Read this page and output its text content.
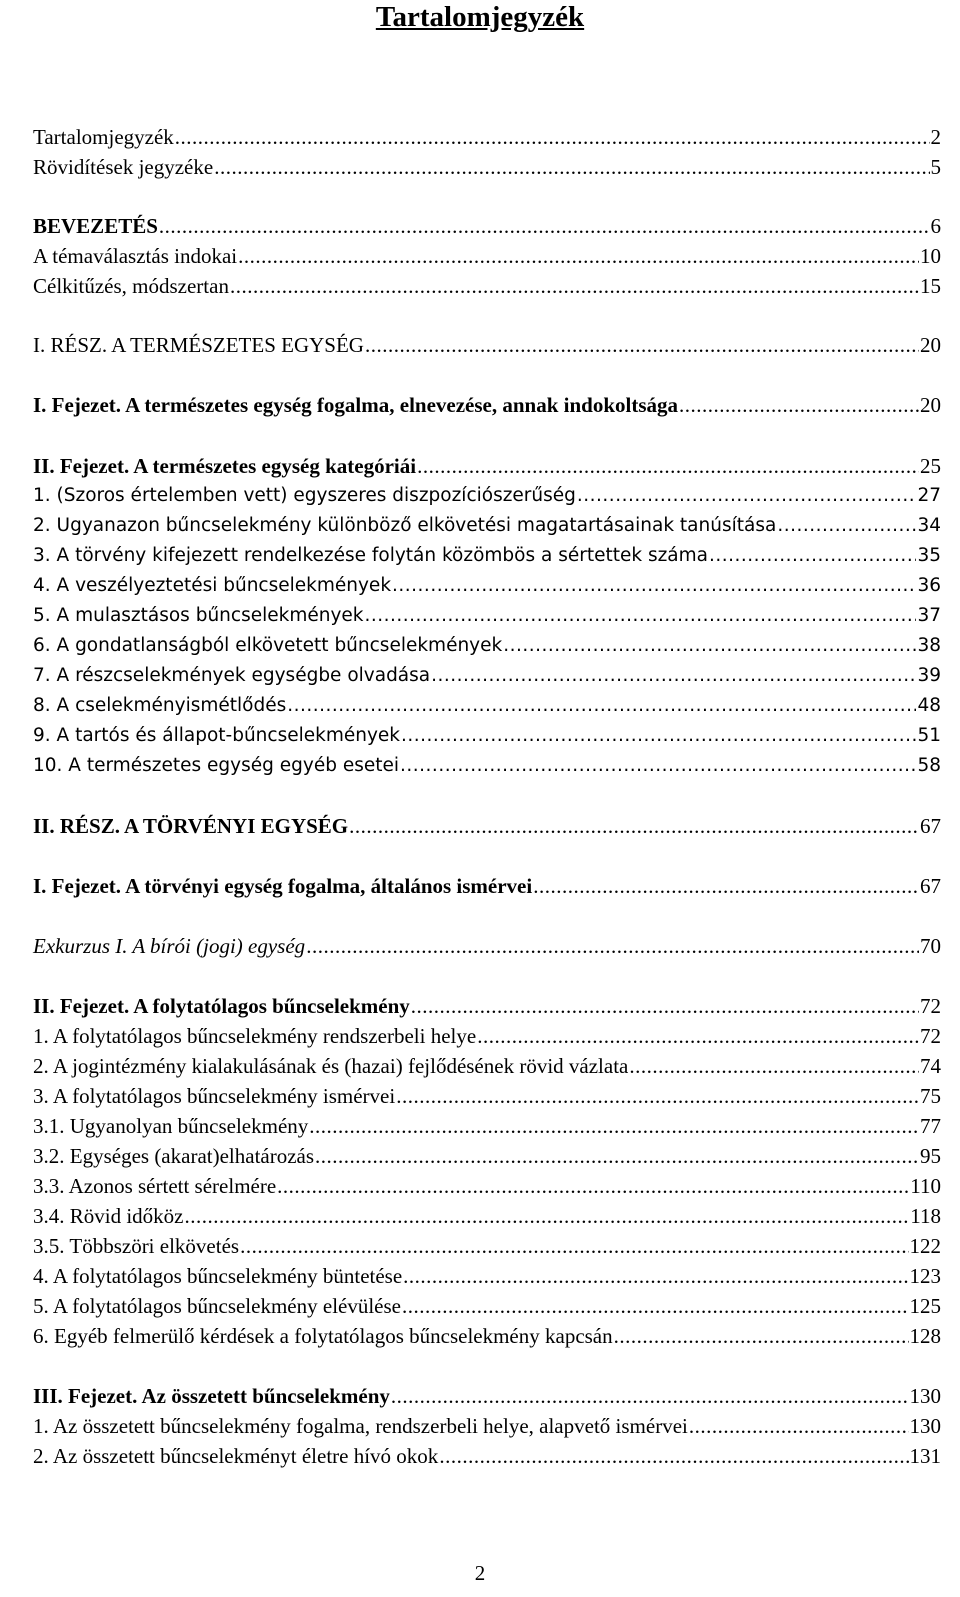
Tartalomjegyzék
Tartalomjegyzék .....	2
Rövidítések jegyzéke .....	5
BEVEZETÉS .....	6
A témaválasztás indokai .....	10
Célkitűzés, módszertan .....	15
I. RÉSZ. A TERMÉSZETES EGYSÉG .....	20
I. Fejezet. A természetes egység fogalma, elnevezése, annak indokoltsága .....	20
II. Fejezet. A természetes egység kategóriái .....	25
1. (Szoros értelemben vett) egyszeres diszpozíciószerűség .....	27
2. Ugyanazon bűncselekmény különböző elkövetési magatartásainak tanúsítása .....	34
3. A törvény kifejezett rendelkezése folytán közömbös a sértettek száma .....	35
4. A veszélyeztetési bűncselekmények .....	36
5. A mulasztásos bűncselekmények .....	37
6. A gondatlanságból elkövetett bűncselekmények .....	38
7. A részcselekmények egységbe olvadása .....	39
8. A cselekményismétlődés .....	48
9. A tartós és állapot-bűncselekmények .....	51
10. A természetes egység egyéb esetei .....	58
II. RÉSZ. A TÖRVÉNYI EGYSÉG .....	67
I. Fejezet. A törvényi egység fogalma, általános ismérvei .....	67
Exkurzus I. A bírói (jogi) egység .....	70
II. Fejezet. A folytatólagos bűncselekmény .....	72
1. A folytatólagos bűncselekmény rendszerbeli helye .....	72
2. A jogintézmény kialakulásának és (hazai) fejlődésének rövid vázlata .....	74
3. A folytatólagos bűncselekmény ismérvei .....	75
3.1. Ugyanolyan bűncselekmény .....	77
3.2. Egységes (akarat)elhatározás .....	95
3.3. Azonos sértett sérelmére .....	110
3.4. Rövid időköz .....	118
3.5. Többszöri elkövetés .....	122
4. A folytatólagos bűncselekmény büntetése .....	123
5. A folytatólagos bűncselekmény elévülése .....	125
6. Egyéb felmerülő kérdések a folytatólagos bűncselekmény kapcsán .....	128
III. Fejezet. Az összetett bűncselekmény .....	130
1. Az összetett bűncselekmény fogalma, rendszerbeli helye, alapvető ismérvei .....	130
2. Az összetett bűncselekményt életre hívó okok .....	131
2
